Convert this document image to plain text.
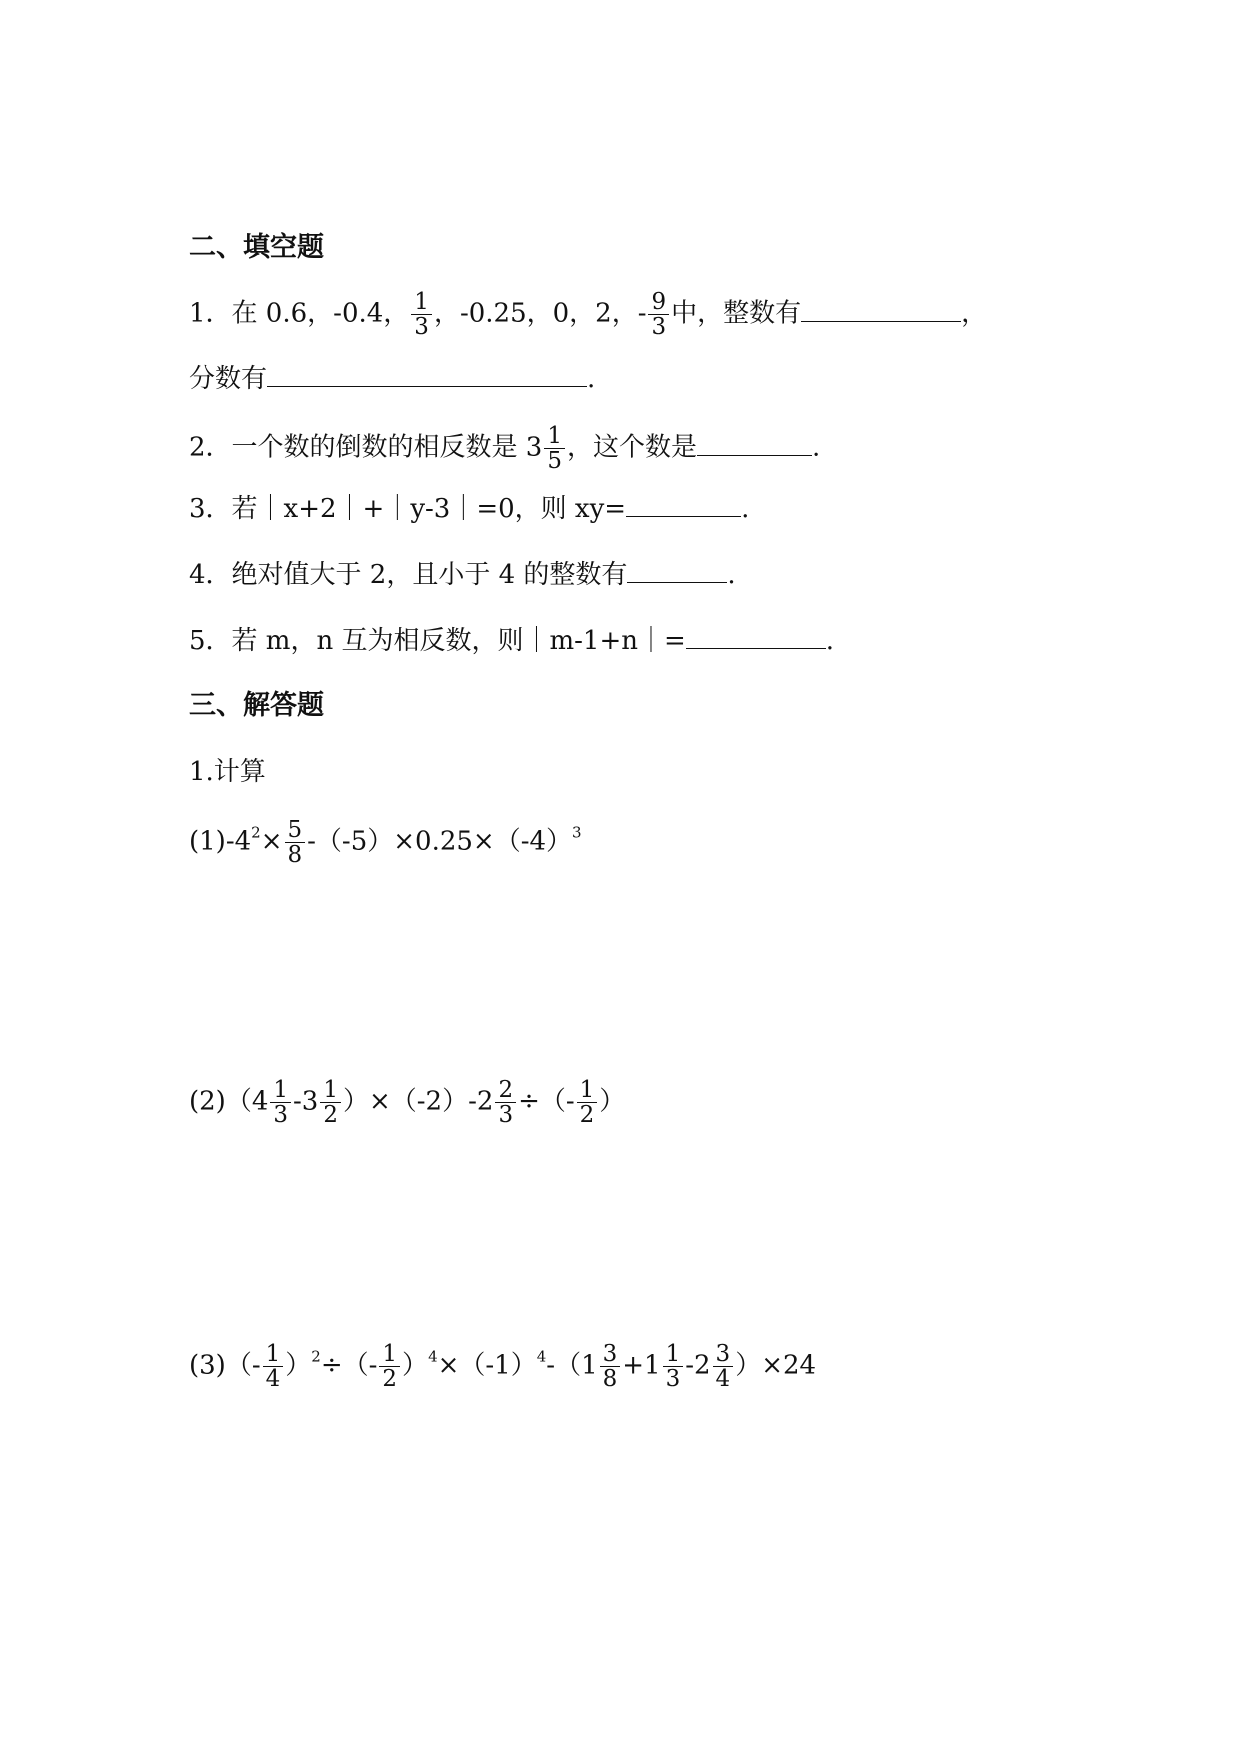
二、填空题
1．在 0.6，-0.4， $\frac{1}{3}$ ，-0.25，0，2，- $\frac{9}{3}$ 中，整数有	，
分数有	.
2．一个数的倒数的相反数是 $3 \frac{1}{5}$ ，这个数是	.
3．若｜x+2｜+｜y-3｜=0，则 xy=	.
4．绝对值大于 2，且小于 4 的整数有	.
5．若 m，n 互为相反数，则｜m-1+n｜=	.
三、解答题
1.计算
$(1)-4^2\times \frac{5}{8} -(-5)\times 0.25\times(-4)^3$
$(2)(4 \frac{1}{3} -3 \frac{1}{2} )\times(-2)-2 \frac{2}{3}$ ÷（- $\frac{1}{2}$ ）
$(3)(- \frac{1}{4} )^2\div(- \frac{1}{2} )^4\times(-1)^4-(1 \frac{3}{8} +1 \frac{1}{3} -2 \frac{3}{4} )\times 24$
